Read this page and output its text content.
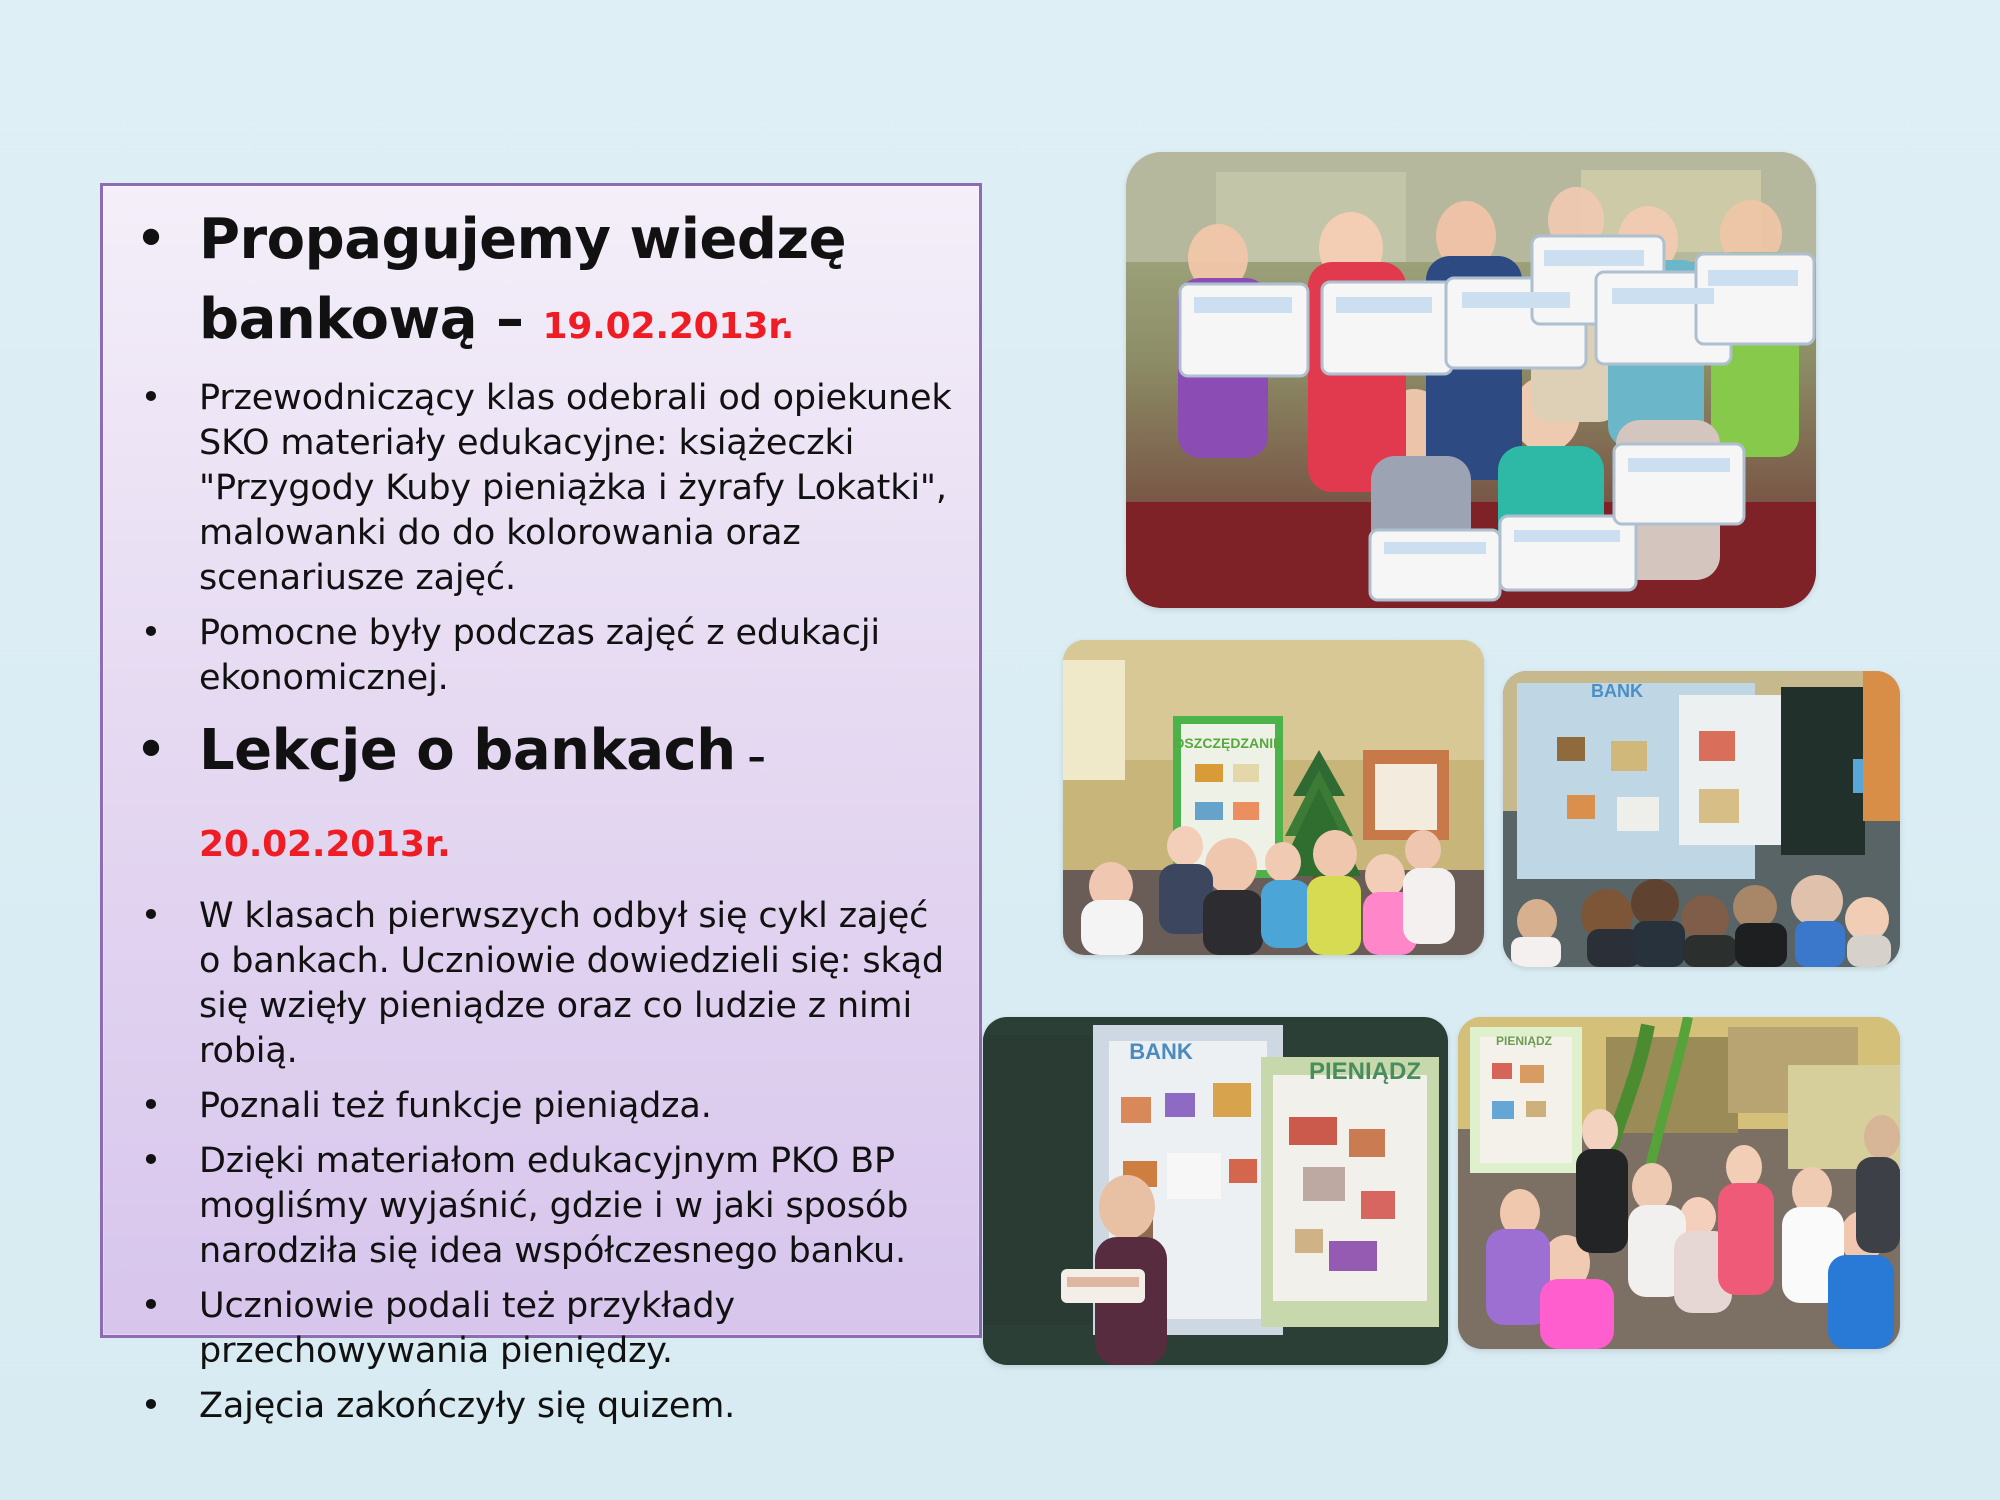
• Propagujemy wiedzę bankową – 19.02.2013r.
•	Przewodniczący klas odebrali od opiekunek SKO materiały edukacyjne: książeczki "Przygody Kuby pieniążka i żyrafy Lokatki", malowanki do do kolorowania oraz scenariusze zajęć.
•	Pomocne były podczas zajęć z edukacji ekonomicznej.
• Lekcje o bankach – 20.02.2013r.
•	W klasach pierwszych odbył się cykl zajęć o bankach. Uczniowie dowiedzieli się: skąd się wzięły pieniądze oraz co ludzie z nimi robią.
•	Poznali też funkcje pieniądza.
•	Dzięki materiałom edukacyjnym PKO BP mogliśmy wyjaśnić, gdzie i w jaki sposób narodziła się idea współczesnego banku.
•	Uczniowie podali też przykłady przechowywania pieniędzy.
•	Zajęcia zakończyły się quizem.
OSZCZĘDZANIE
BANK
BANK
PIENIĄDZ
PIENIĄDZ
